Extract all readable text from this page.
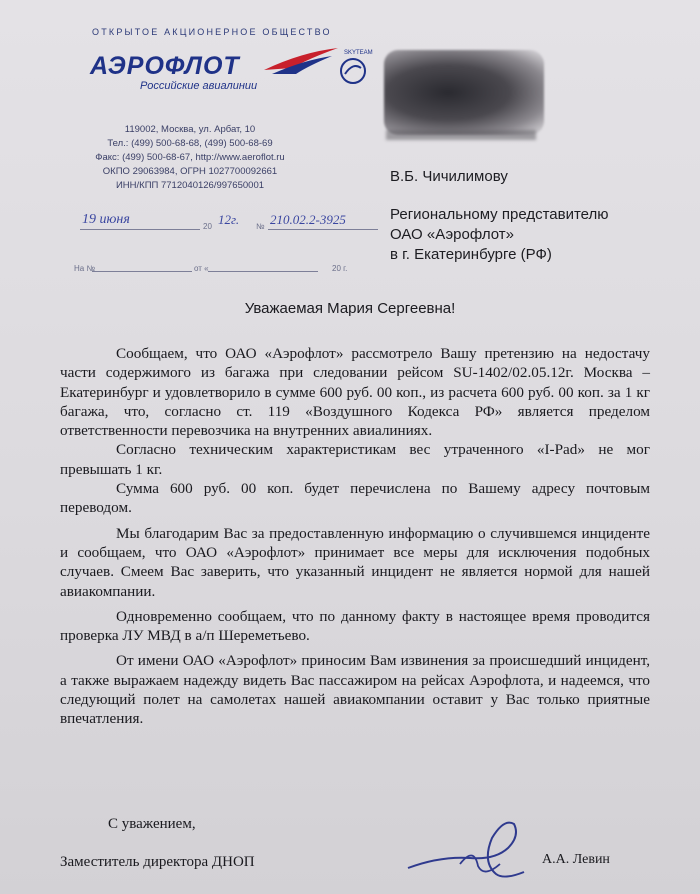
ОТКРЫТОЕ АКЦИОНЕРНОЕ ОБЩЕСТВО
АЭРОФЛОТ
Российские авиалинии
SKYTEAM
119002, Москва, ул. Арбат, 10
Тел.: (499) 500-68-68, (499) 500-68-69
Факс: (499) 500-68-67, http://www.aeroflot.ru
ОКПО 29063984, ОГРН 1027700092661
ИНН/КПП 7712040126/997650001
В.Б. Чичилимову
Региональному представителю
ОАО «Аэрофлот»
в г. Екатеринбурге (РФ)
19 июня	20 12г. № 210.02.2-3925
На №	от «	20 г.
Уважаемая Мария Сергеевна!

Сообщаем, что ОАО «Аэрофлот» рассмотрело Вашу претензию на недостачу части содержимого из багажа при следовании рейсом SU-1402/02.05.12г. Москва – Екатеринбург и удовлетворило в сумме 600 руб. 00 коп., из расчета 600 руб. 00 коп. за 1 кг багажа, что, согласно ст. 119 «Воздушного Кодекса РФ» является пределом ответственности перевозчика на внутренних авиалиниях.

Согласно техническим характеристикам вес утраченного «I-Pad» не мог превышать 1 кг.

Сумма 600 руб. 00 коп. будет перечислена по Вашему адресу почтовым переводом.

Мы благодарим Вас за предоставленную информацию о случившемся инциденте и сообщаем, что ОАО «Аэрофлот» принимает все меры для исключения подобных случаев. Смеем Вас заверить, что указанный инцидент не является нормой для нашей авиакомпании.

Одновременно сообщаем, что по данному факту в настоящее время проводится проверка ЛУ МВД в а/п Шереметьево.

От имени ОАО «Аэрофлот» приносим Вам извинения за происшедший инцидент, а также выражаем надежду видеть Вас пассажиром на рейсах Аэрофлота, и надеемся, что следующий полет на самолетах нашей авиакомпании оставит у Вас только приятные впечатления.

С уважением,
Заместитель директора ДНОП	А.А. Левин
